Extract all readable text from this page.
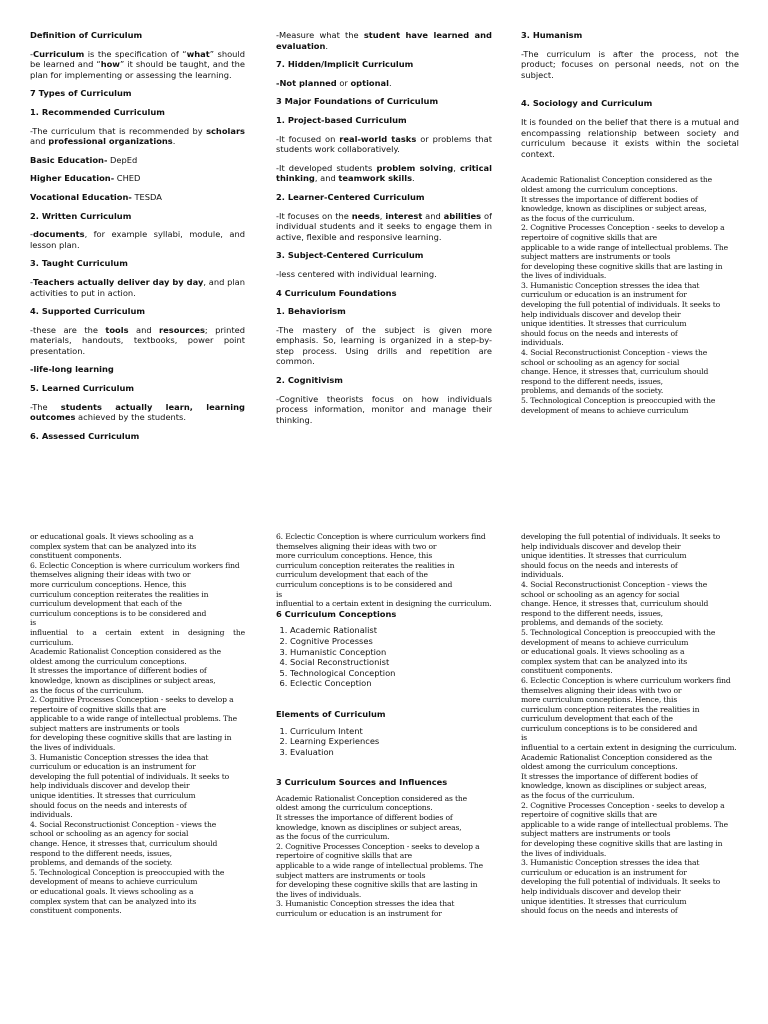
Definition of Curriculum
-Curriculum is the specification of “what” should be learned and “how” it should be taught, and the plan for implementing or assessing the learning.
7 Types of Curriculum
1. Recommended Curriculum
-The curriculum that is recommended by scholars and professional organizations.
Basic Education- DepEd
Higher Education- CHED
Vocational Education- TESDA
2. Written Curriculum
-documents, for example syllabi, module, and lesson plan.
3. Taught Curriculum
-Teachers actually deliver day by day, and plan activities to put in action.
4. Supported Curriculum
-these are the tools and resources; printed materials, handouts, textbooks, power point presentation.
-life-long learning
5. Learned Curriculum
-The students actually learn, learning outcomes achieved by the students.
6. Assessed Curriculum
-Measure what the student have learned and evaluation.
7. Hidden/Implicit Curriculum
-Not planned or optional.
3 Major Foundations of Curriculum
1. Project-based Curriculum
-It focused on real-world tasks or problems that students work collaboratively.
-It developed students problem solving, critical thinking, and teamwork skills.
2. Learner-Centered Curriculum
-It focuses on the needs, interest and abilities of individual students and it seeks to engage them in active, flexible and responsive learning.
3. Subject-Centered Curriculum
-less centered with individual learning.
4 Curriculum Foundations
1. Behaviorism
-The mastery of the subject is given more emphasis. So, learning is organized in a step-by-step process. Using drills and repetition are common.
2. Cognitivism
-Cognitive theorists focus on how individuals process information, monitor and manage their thinking.
3. Humanism
-The curriculum is after the process, not the product; focuses on personal needs, not on the subject.
4. Sociology and Curriculum
It is founded on the belief that there is a mutual and encompassing relationship between society and curriculum because it exists within the societal context.
Academic Rationalist Conception considered as the
oldest among the curriculum conceptions.
It stresses the importance of different bodies of
knowledge, known as disciplines or subject areas,
as the focus of the curriculum.
2. Cognitive Processes Conception - seeks to develop a
repertoire of cognitive skills that are
applicable to a wide range of intellectual problems. The
subject matters are instruments or tools
for developing these cognitive skills that are lasting in
the lives of individuals.
3. Humanistic Conception stresses the idea that
curriculum or education is an instrument for
developing the full potential of individuals. It seeks to
help individuals discover and develop their
unique identities. It stresses that curriculum
should focus on the needs and interests of
individuals.
4. Social Reconstructionist Conception - views the
school or schooling as an agency for social
change. Hence, it stresses that, curriculum should
respond to the different needs, issues,
problems, and demands of the society.
5. Technological Conception is preoccupied with the
development of means to achieve curriculum
or educational goals. It views schooling as a
complex system that can be analyzed into its
constituent components.
6. Eclectic Conception is where curriculum workers find
themselves aligning their ideas with two or
more curriculum conceptions. Hence, this
curriculum conception reiterates the realities in
curriculum development that each of the
curriculum conceptions is to be considered and
is
influential to a certain extent in designing the curriculum.
Academic Rationalist Conception considered as the
oldest among the curriculum conceptions.
It stresses the importance of different bodies of
knowledge, known as disciplines or subject areas,
as the focus of the curriculum.
2. Cognitive Processes Conception - seeks to develop a
repertoire of cognitive skills that are
applicable to a wide range of intellectual problems. The
subject matters are instruments or tools
for developing these cognitive skills that are lasting in
the lives of individuals.
3. Humanistic Conception stresses the idea that
curriculum or education is an instrument for
developing the full potential of individuals. It seeks to
help individuals discover and develop their
unique identities. It stresses that curriculum
should focus on the needs and interests of
individuals.
4. Social Reconstructionist Conception - views the
school or schooling as an agency for social
change. Hence, it stresses that, curriculum should
respond to the different needs, issues,
problems, and demands of the society.
5. Technological Conception is preoccupied with the
development of means to achieve curriculum
or educational goals. It views schooling as a
complex system that can be analyzed into its
constituent components.
6. Eclectic Conception is where curriculum workers find
themselves aligning their ideas with two or
more curriculum conceptions. Hence, this
curriculum conception reiterates the realities in
curriculum development that each of the
curriculum conceptions is to be considered and
is
influential to a certain extent in designing the curriculum.
6 Curriculum Conceptions
1. Academic Rationalist
2. Cognitive Processes
3. Humanistic Conception
4. Social Reconstructionist
5. Technological Conception
6. Eclectic Conception
Elements of Curriculum
1. Curriculum Intent
2. Learning Experiences
3. Evaluation
3 Curriculum Sources and Influences
Academic Rationalist Conception considered as the
oldest among the curriculum conceptions.
It stresses the importance of different bodies of
knowledge, known as disciplines or subject areas,
as the focus of the curriculum.
2. Cognitive Processes Conception - seeks to develop a
repertoire of cognitive skills that are
applicable to a wide range of intellectual problems. The
subject matters are instruments or tools
for developing these cognitive skills that are lasting in
the lives of individuals.
3. Humanistic Conception stresses the idea that
curriculum or education is an instrument for
developing the full potential of individuals. It seeks to
help individuals discover and develop their
unique identities. It stresses that curriculum
should focus on the needs and interests of
individuals.
4. Social Reconstructionist Conception - views the
school or schooling as an agency for social
change. Hence, it stresses that, curriculum should
respond to the different needs, issues,
problems, and demands of the society.
5. Technological Conception is preoccupied with the
development of means to achieve curriculum
or educational goals. It views schooling as a
complex system that can be analyzed into its
constituent components.
6. Eclectic Conception is where curriculum workers find
themselves aligning their ideas with two or
more curriculum conceptions. Hence, this
curriculum conception reiterates the realities in
curriculum development that each of the
curriculum conceptions is to be considered and
is
influential to a certain extent in designing the curriculum.
Academic Rationalist Conception considered as the
oldest among the curriculum conceptions.
It stresses the importance of different bodies of
knowledge, known as disciplines or subject areas,
as the focus of the curriculum.
2. Cognitive Processes Conception - seeks to develop a
repertoire of cognitive skills that are
applicable to a wide range of intellectual problems. The
subject matters are instruments or tools
for developing these cognitive skills that are lasting in
the lives of individuals.
3. Humanistic Conception stresses the idea that
curriculum or education is an instrument for
developing the full potential of individuals. It seeks to
help individuals discover and develop their
unique identities. It stresses that curriculum
should focus on the needs and interests of
